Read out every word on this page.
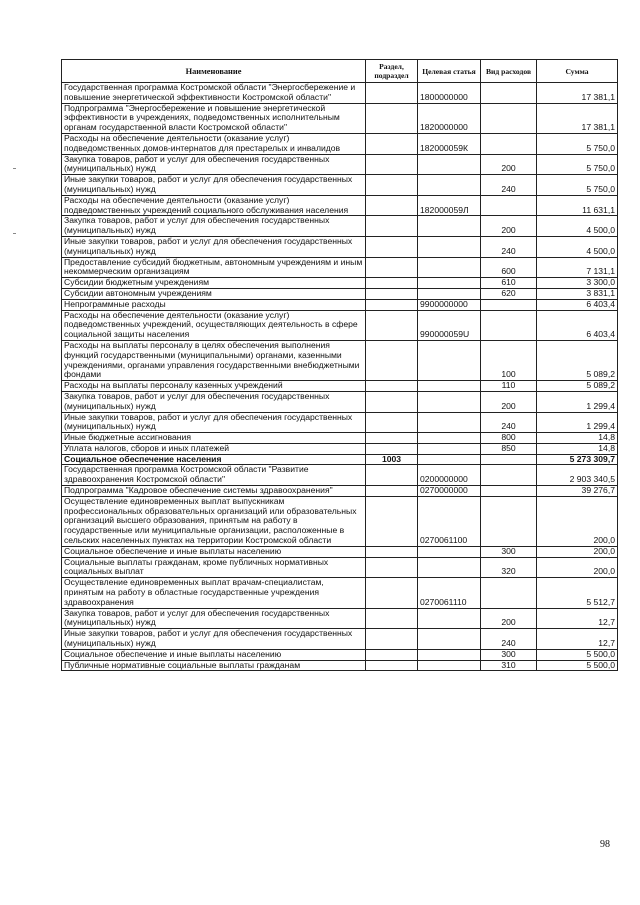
Наименование	Раздел, подраздел	Целевая статья	Вид расходов	Сумма
Государственная программа Костромской области "Энергосбережение и повышение энергетической эффективности Костромской области"		1800000000		17 381,1
Подпрограмма "Энергосбережение и повышение энергетической эффективности в учреждениях, подведомственных исполнительным органам государственной власти Костромской области"		1820000000		17 381,1
Расходы на обеспечение деятельности (оказание услуг) подведомственных домов-интернатов для престарелых и инвалидов		182000059К		5 750,0
Закупка товаров, работ и услуг для обеспечения государственных (муниципальных) нужд			200	5 750,0
Иные закупки товаров, работ и услуг для обеспечения государственных (муниципальных) нужд			240	5 750,0
Расходы на обеспечение деятельности (оказание услуг) подведомственных учреждений социального обслуживания населения		182000059Л		11 631,1
Закупка товаров, работ и услуг для обеспечения государственных (муниципальных) нужд			200	4 500,0
Иные закупки товаров, работ и услуг для обеспечения государственных (муниципальных) нужд			240	4 500,0
Предоставление субсидий бюджетным, автономным учреждениям и иным некоммерческим организациям			600	7 131,1
Субсидии бюджетным учреждениям			610	3 300,0
Субсидии автономным учреждениям			620	3 831,1
Непрограммные расходы		9900000000		6 403,4
Расходы на обеспечение деятельности (оказание услуг) подведомственных учреждений, осуществляющих деятельность в сфере социальной защиты населения		990000059U		6 403,4
Расходы на выплаты персоналу в целях обеспечения выполнения функций государственными (муниципальными) органами, казенными учреждениями, органами управления государственными внебюджетными фондами			100	5 089,2
Расходы на выплаты персоналу казенных учреждений			110	5 089,2
Закупка товаров, работ и услуг для обеспечения государственных (муниципальных) нужд			200	1 299,4
Иные закупки товаров, работ и услуг для обеспечения государственных (муниципальных) нужд			240	1 299,4
Иные бюджетные ассигнования			800	14,8
Уплата налогов, сборов и иных платежей			850	14,8
Социальное обеспечение населения	1003			5 273 309,7
Государственная программа Костромской области "Развитие здравоохранения Костромской области"		0200000000		2 903 340,5
Подпрограмма "Кадровое обеспечение системы здравоохранения"		0270000000		39 276,7
Осуществление единовременных выплат выпускникам профессиональных образовательных организаций или образовательных организаций высшего образования, принятым на работу в государственные или муниципальные организации, расположенные в сельских населенных пунктах на территории Костромской области		0270061100		200,0
Социальное обеспечение и иные выплаты населению			300	200,0
Социальные выплаты гражданам, кроме публичных нормативных социальных выплат			320	200,0
Осуществление единовременных выплат врачам-специалистам, принятым на работу в областные государственные учреждения здравоохранения		0270061110		5 512,7
Закупка товаров, работ и услуг для обеспечения государственных (муниципальных) нужд			200	12,7
Иные закупки товаров, работ и услуг для обеспечения государственных (муниципальных) нужд			240	12,7
Социальное обеспечение и иные выплаты населению			300	5 500,0
Публичные нормативные социальные выплаты гражданам			310	5 500,0
98
